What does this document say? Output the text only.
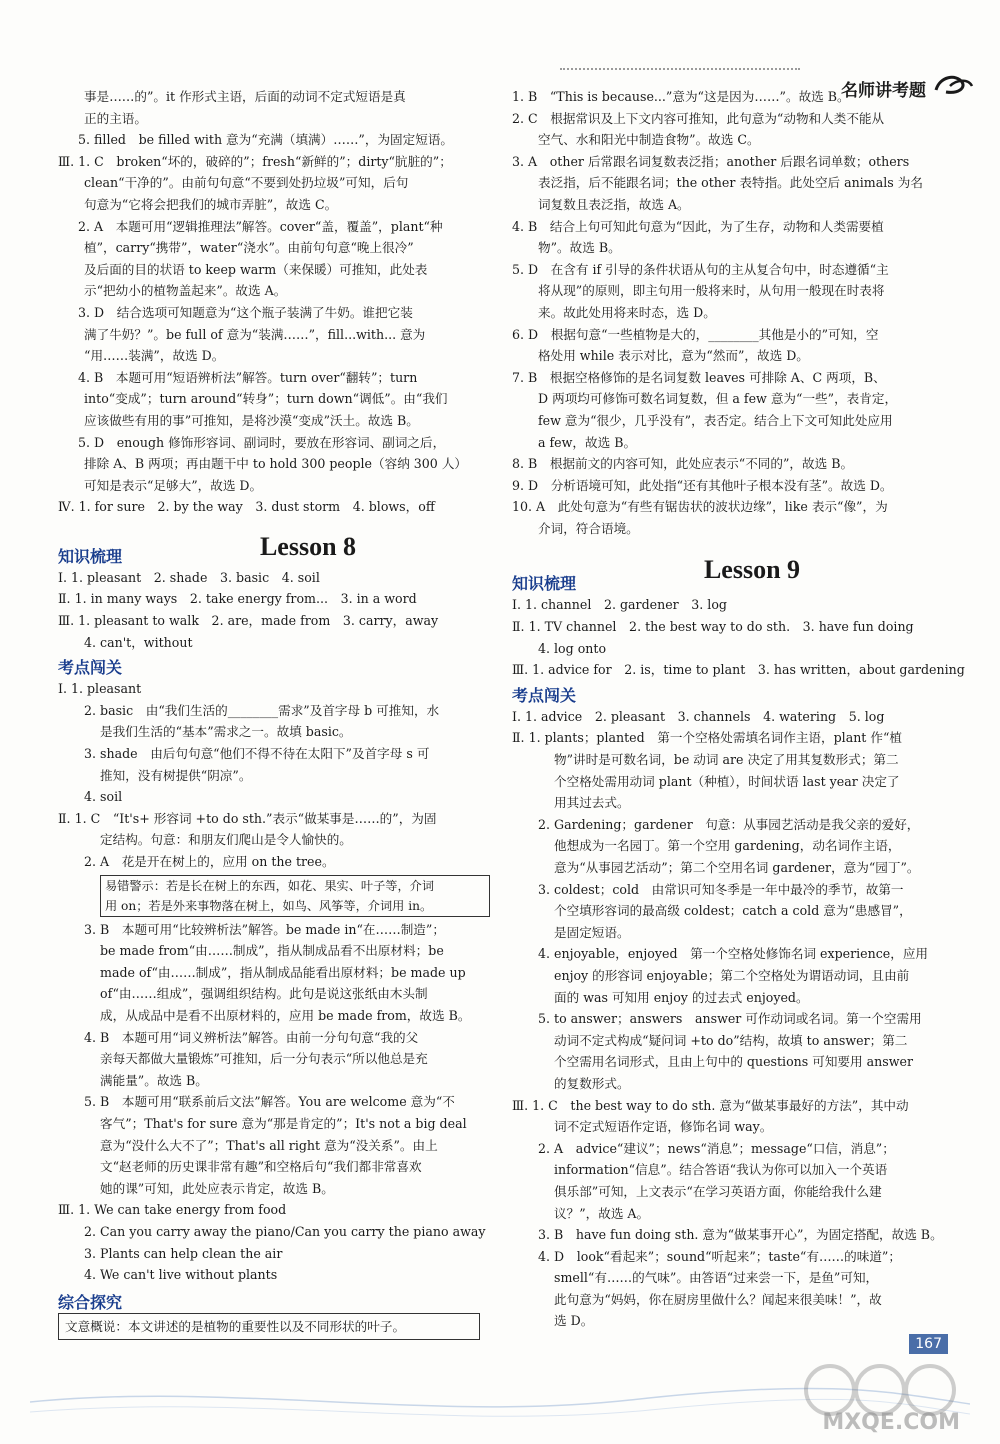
名师讲考题
事是……的”。it 作形式主语，后面的动词不定式短语是真
正的主语。
5. filled　be filled with 意为“充满（填满）……”，为固定短语。
Ⅲ. 1. C　broken“坏的，破碎的”；fresh“新鲜的”；dirty“肮脏的”；
clean“干净的”。由前句句意“不要到处扔垃圾”可知，后句
句意为“它将会把我们的城市弄脏”，故选 C。
2. A　本题可用“逻辑推理法”解答。cover“盖，覆盖”，plant“种
植”，carry“携带”，water“浇水”。由前句句意“晚上很冷”
及后面的目的状语 to keep warm（来保暖）可推知，此处表
示“把幼小的植物盖起来”。故选 A。
3. D　结合选项可知题意为“这个瓶子装满了牛奶。谁把它装
满了牛奶？”。be full of 意为“装满……”，fill...with... 意为
“用……装满”，故选 D。
4. B　本题可用“短语辨析法”解答。turn over“翻转”；turn
into“变成”；turn around“转身”；turn down“调低”。由“我们
应该做些有用的事”可推知，是将沙漠“变成”沃土。故选 B。
5. D　enough 修饰形容词、副词时，要放在形容词、副词之后，
排除 A、B 两项；再由题干中 to hold 300 people（容纳 300 人）
可知是表示“足够大”，故选 D。
Ⅳ. 1. for sure　2. by the way　3. dust storm　4. blows，off
Lesson 8
知识梳理
Ⅰ. 1. pleasant　2. shade　3. basic　4. soil
Ⅱ. 1. in many ways　2. take energy from...　3. in a word
Ⅲ. 1. pleasant to walk　2. are，made from　3. carry，away
4. can't，without
考点闯关
Ⅰ. 1. pleasant
2. basic　由“我们生活的________需求”及首字母 b 可推知，水
是我们生活的“基本”需求之一。故填 basic。
3. shade　由后句句意“他们不得不待在太阳下”及首字母 s 可
推知，没有树提供“阴凉”。
4. soil
Ⅱ. 1. C　“It's+ 形容词 +to do sth.”表示“做某事是……的”，为固
定结构。句意：和朋友们爬山是令人愉快的。
2. A　花是开在树上的，应用 on the tree。
易错警示：若是长在树上的东西，如花、果实、叶子等，介词
用 on；若是外来事物落在树上，如鸟、风筝等，介词用 in。
3. B　本题可用“比较辨析法”解答。be made in“在……制造”；
be made from“由……制成”，指从制成品看不出原材料；be
made of“由……制成”，指从制成品能看出原材料；be made up
of“由……组成”，强调组织结构。此句是说这张纸由木头制
成，从成品中是看不出原材料的，应用 be made from，故选 B。
4. B　本题可用“词义辨析法”解答。由前一分句句意“我的父
亲每天都做大量锻炼”可推知，后一分句表示“所以他总是充
满能量”。故选 B。
5. B　本题可用“联系前后文法”解答。You are welcome 意为“不
客气”；That's for sure 意为“那是肯定的”；It's not a big deal
意为“没什么大不了”；That's all right 意为“没关系”。由上
文“赵老师的历史课非常有趣”和空格后句“我们都非常喜欢
她的课”可知，此处应表示肯定，故选 B。
Ⅲ. 1. We can take energy from food
2. Can you carry away the piano/Can you carry the piano away
3. Plants can help clean the air
4. We can't live without plants
综合探究
文意概说：本文讲述的是植物的重要性以及不同形状的叶子。
1. B　“This is because...”意为“这是因为……”。故选 B。
2. C　根据常识及上下文内容可推知，此句意为“动物和人类不能从
空气、水和阳光中制造食物”。故选 C。
3. A　other 后常跟名词复数表泛指；another 后跟名词单数；others
表泛指，后不能跟名词；the other 表特指。此处空后 animals 为名
词复数且表泛指，故选 A。
4. B　结合上句可知此句意为“因此，为了生存，动物和人类需要植
物”。故选 B。
5. D　在含有 if 引导的条件状语从句的主从复合句中，时态遵循“主
将从现”的原则，即主句用一般将来时，从句用一般现在时表将
来。故此处用将来时态，选 D。
6. D　根据句意“一些植物是大的，________其他是小的”可知，空
格处用 while 表示对比，意为“然而”，故选 D。
7. B　根据空格修饰的是名词复数 leaves 可排除 A、C 两项，B、
D 两项均可修饰可数名词复数，但 a few 意为“一些”，表肯定，
few 意为“很少，几乎没有”，表否定。结合上下文可知此处应用
a few，故选 B。
8. B　根据前文的内容可知，此处应表示“不同的”，故选 B。
9. D　分析语境可知，此处指“还有其他叶子根本没有茎”。故选 D。
10. A　此处句意为“有些有锯齿状的波状边缘”，like 表示“像”，为
介词，符合语境。
Lesson 9
知识梳理
Ⅰ. 1. channel　2. gardener　3. log
Ⅱ. 1. TV channel　2. the best way to do sth.　3. have fun doing
4. log onto
Ⅲ. 1. advice for　2. is，time to plant　3. has written，about gardening
考点闯关
Ⅰ. 1. advice　2. pleasant　3. channels　4. watering　5. log
Ⅱ. 1. plants；planted　第一个空格处需填名词作主语，plant 作“植
物”讲时是可数名词，be 动词 are 决定了用其复数形式；第二
个空格处需用动词 plant（种植），时间状语 last year 决定了
用其过去式。
2. Gardening；gardener　句意：从事园艺活动是我父亲的爱好，
他想成为一名园丁。第一个空用 gardening，动名词作主语，
意为“从事园艺活动”；第二个空用名词 gardener，意为“园丁”。
3. coldest；cold　由常识可知冬季是一年中最冷的季节，故第一
个空填形容词的最高级 coldest；catch a cold 意为“患感冒”，
是固定短语。
4. enjoyable，enjoyed　第一个空格处修饰名词 experience，应用
enjoy 的形容词 enjoyable；第二个空格处为谓语动词，且由前
面的 was 可知用 enjoy 的过去式 enjoyed。
5. to answer；answers　answer 可作动词或名词。第一个空需用
动词不定式构成“疑问词 +to do”结构，故填 to answer；第二
个空需用名词形式，且由上句中的 questions 可知要用 answer
的复数形式。
Ⅲ. 1. C　the best way to do sth. 意为“做某事最好的方法”，其中动
词不定式短语作定语，修饰名词 way。
2. A　advice“建议”；news“消息”；message“口信，消息”；
information“信息”。结合答语“我认为你可以加入一个英语
俱乐部”可知，上文表示“在学习英语方面，你能给我什么建
议？”，故选 A。
3. B　have fun doing sth. 意为“做某事开心”，为固定搭配，故选 B。
4. D　look“看起来”；sound“听起来”；taste“有……的味道”；
smell“有……的气味”。由答语“过来尝一下，是鱼”可知，
此句意为“妈妈，你在厨房里做什么？闻起来很美味！”，故
选 D。
167
MXQE.COM
